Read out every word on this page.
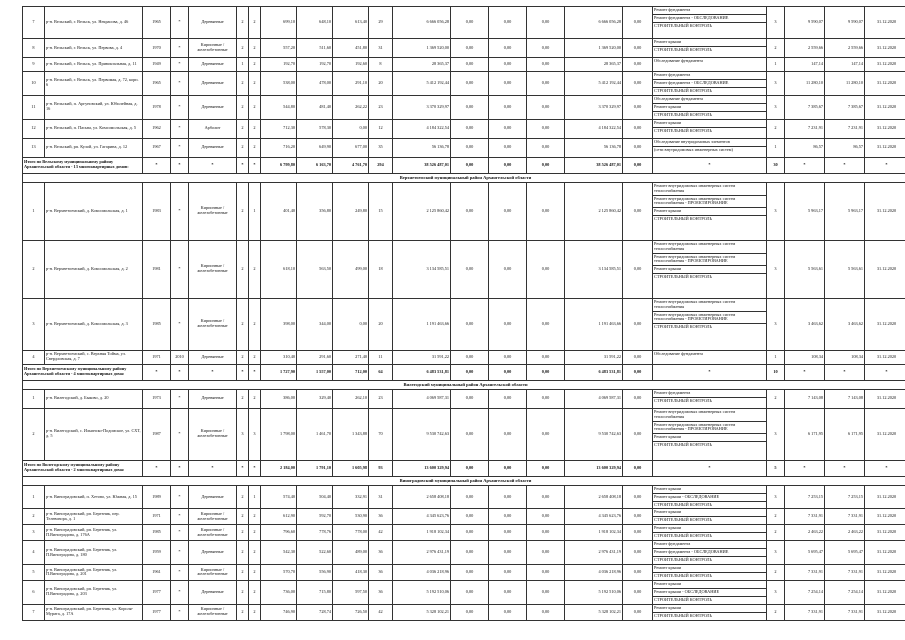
7	р-н. Вельский, г. Вельск, ул. Некрасова, д. 46	1965	*	Деревянные	2	2	699,10	648,10	613,40	29	6 666 056,28	0,00	0,00	0,00	6 666 056,28	0,00	Ремонт фундамента
Ремонт фундамента - ОБСЛЕДОВАНИЕ
СТРОИТЕЛЬНЫЙ КОНТРОЛЬ	3	9 590,07	9 590,07	31.12.2020
8	р-н. Вельский, г. Вельск, ул. Первова, д. 4	1970	*	Кирпичные / железобетонные	2	2	557,20	511,60	451,80	31	1 369 520,00	0,00	0,00	0,00	1 369 520,00	0,00	Ремонт крыши
СТРОИТЕЛЬНЫЙ КОНТРОЛЬ	2	2 559,66	2 559,66	31.12.2020
9	р-н. Вельский, г. Вельск, ул. Привокзальная, д. 11	1949	*	Деревянные	1	2	192,70	192,70	192,60	8	28 365,37	0,00	0,00	0,00	28 365,37	0,00	Обследование фундамента	1	147,14	147,14	31.12.2020
10	р-н. Вельский, г. Вельск, ул. Первомая, д. 72, корп. 6	1965	*	Деревянные	2	2	538,00	478,00	291,10	20	5 412 192,44	0,00	0,00	0,00	5 412 192,44	0,00	Ремонт фундамента
Ремонт фундамента - ОБСЛЕДОВАНИЕ
СТРОИТЕЛЬНЫЙ КОНТРОЛЬ	3	11 280,10	11 280,10	31.12.2020
11	р-н. Вельский, п. Аргуновский, ул. Юбилейная, д. 16	1978	*	Деревянные	2	2	544,80	481,40	262,22	23	3 370 329,97	0,00	0,00	0,00	3 370 329,97	0,00	Обследование фундамента
Ремонт крыши
СТРОИТЕЛЬНЫЙ КОНТРОЛЬ	3	7 385,67	7 385,67	31.12.2020
12	р-н. Вельский, п. Пасьва, ул. Комсомольская, д. 5	1962	*	Арболит	2	2	712,30	578,30	0,00	12	4 184 322,54	0,00	0,00	0,00	4 184 322,54	0,00	Ремонт крыши
СТРОИТЕЛЬНЫЙ КОНТРОЛЬ	2	7 231,91	7 231,91	31.12.2020
13	р-н. Вельский, рп. Кулой, ул. Гагарина, д. 12	1967	*	Деревянные	2	2	716,20	649,90	677,00	35	56 136,78	0,00	0,00	0,00	56 136,78	0,00	Обследование внутридомовых элементов
(сети внутридомовых инженерных систем)	1	86,57	86,57	31.12.2020
Итого по Вельскому муниципальному району Архангельской области - 13 многоквартирных домов:		*	*	*	*	*	6 799,80	6 163,70	4 761,70	294	38 526 487,01	0,00	0,00	0,00	38 526 487,01	0,00	*	30	*	*	*
Верхнетоемский муниципальный район Архангельской области																					
1	р-н. Верхнетоемский, д. Комсомольская, д. 1	1983	*	Кирпичные / железобетонные	2	1	401,40	356,80	249,80	15	2 125 860,42	0,00	0,00	0,00	2 125 860,42	0,00	Ремонт внутридомовых инженерных систем теплоснабжения
Ремонт внутридомовых инженерных систем теплоснабжения - ПРОЕКТИРОВАНИЕ
Ремонт крыши
СТРОИТЕЛЬНЫЙ КОНТРОЛЬ	3	5 963,17	5 963,17	31.12.2020
2	р-н. Верхнетоемский, д. Комсомольская, д. 2	1981	*	Кирпичные / железобетонные	2	2	618,10	563,50	499,00	18	3 134 585,51	0,00	0,00	0,00	3 134 585,51	0,00	Ремонт внутридомовых инженерных систем теплоснабжения
Ремонт внутридомовых инженерных систем теплоснабжения - ПРОЕКТИРОВАНИЕ
Ремонт крыши
СТРОИТЕЛЬНЫЙ КОНТРОЛЬ	3	5 563,61	5 563,61	31.12.2020
3	р-н. Верхнетоемский, д. Комсомольская, д. 3	1985	*	Кирпичные / железобетонные	2	2	398,00	344,00	0,00	20	1 191 463,66	0,00	0,00	0,00	1 191 463,66	0,00	Ремонт внутридомовых инженерных систем теплоснабжения
Ремонт внутридомовых инженерных систем теплоснабжения - ПРОЕКТИРОВАНИЕ
СТРОИТЕЛЬНЫЙ КОНТРОЛЬ	3	3 463,62	3 463,62	31.12.2020
4	р-н. Верхнетоемский, с. Верхняя Тойма, ул. Свердловская, д. 7	1971	2010	Деревянные	2	2	310,40	291,60	271,40	11	31 591,22	0,00	0,00	0,00	31 591,22	0,00	Обследование фундамента	1	108,34	108,34	31.12.2020
Итого по Верхнетоемскому муниципальному району Архангельской области - 4 многоквартирных дома:		*	*	*	*	*	1 727,90	1 557,00	712,00	64	6 483 531,81	0,00	0,00	0,00	6 483 531,81	0,00	*	10	*	*	*
Вилегодский муниципальный район Архангельской области																					
1	р-н. Вилегодский, д. Быково, д. 20	1973	*	Деревянные	2	2	386,00	329,40	262,10	23	4 069 587,31	0,00	0,00	0,00	4 069 587,31	0,00	Ремонт фундамента
СТРОИТЕЛЬНЫЙ КОНТРОЛЬ	2	7 143,08	7 143,08	31.12.2020
2	р-н. Вилегодский, с. Ильинско-Подомское, ул. СХТ, д. 5	1987	*	Кирпичные / железобетонные	3	3	1 798,00	1 461,70	1 343,88	70	9 530 742,63	0,00	0,00	0,00	9 530 742,63	0,00	Ремонт внутридомовых инженерных систем теплоснабжения
Ремонт внутридомовых инженерных систем теплоснабжения - ПРОЕКТИРОВАНИЕ
Ремонт крыши
СТРОИТЕЛЬНЫЙ КОНТРОЛЬ	3	6 171,95	6 171,95	31.12.2020
Итого по Вилегодскому муниципальному району Архангельской области - 2 многоквартирных дома:		*	*	*	*	*	2 184,00	1 791,10	1 605,98	93	13 600 329,94	0,00	0,00	0,00	13 600 329,94	0,00	*	5	*	*	*
Виноградовский муниципальный район Архангельской области																					
1	р-н. Виноградовский, п. Хетово, ул. Южная, д. 15	1989	*	Деревянные	2	1	574,40	504,40	332,91	31	2 658 408,18	0,00	0,00	0,00	2 658 408,18	0,00	Ремонт крыши
Ремонт крыши - ОБСЛЕДОВАНИЕ
СТРОИТЕЛЬНЫЙ КОНТРОЛЬ	3	7 253,15	7 253,15	31.12.2020
2	р-н. Виноградовский, рп. Березник, пер. Телевизора, д. 1	1971	*	Кирпичные / железобетонные	2	2	612,90	592,70	530,90	36	4 345 623,76	0,00	0,00	0,00	4 345 623,76	0,00	Ремонт крыши
СТРОИТЕЛЬНЫЙ КОНТРОЛЬ	2	7 331,91	7 331,91	31.12.2020
3	р-н. Виноградовский, рп. Березник, ул. П.Виноградова, д. 176А	1985	*	Кирпичные / железобетонные	2	2	796,60	778,76	778,00	42	1 918 102,34	0,00	0,00	0,00	1 918 102,34	0,00	Ремонт крыши
СТРОИТЕЛЬНЫЙ КОНТРОЛЬ	2	2 463,22	2 463,22	31.12.2020
4	р-н. Виноградовский, рп. Березник, ул. П.Виноградова, д. 180	1959	*	Деревянные	2	2	542,30	522,60	489,00	36	2 976 431,19	0,00	0,00	0,00	2 976 431,19	0,00	Ремонт фундамента
Ремонт фундамента - ОБСЛЕДОВАНИЕ
СТРОИТЕЛЬНЫЙ КОНТРОЛЬ	3	5 695,47	5 695,47	31.12.2020
5	р-н. Виноградовский, рп. Березник, ул. П.Виноградова, д. 201	1961	*	Кирпичные / железобетонные	2	2	570,70	556,90	418,30	36	4 036 218,96	0,00	0,00	0,00	4 036 218,96	0,00	Ремонт крыши
СТРОИТЕЛЬНЫЙ КОНТРОЛЬ	2	7 331,91	7 331,91	31.12.2020
6	р-н. Виноградовский, рп. Березник, ул. П.Виноградова, д. 203	1977	*	Деревянные	2	2	736,00	715,80	597,50	36	5 192 510,06	0,00	0,00	0,00	5 192 510,06	0,00	Ремонт крыши
Ремонт крыши - ОБСЛЕДОВАНИЕ
СТРОИТЕЛЬНЫЙ КОНТРОЛЬ	3	7 254,14	7 254,14	31.12.2020
7	р-н. Виноградовский, рп. Березник, ул. Короля-Мурата, д. 17А	1977	*	Кирпичные / железобетонные	2	2	746,90	728,74	726,50	42	5 328 102,21	0,00	0,00	0,00	5 328 102,21	0,00	Ремонт крыши
СТРОИТЕЛЬНЫЙ КОНТРОЛЬ	2	7 331,91	7 331,91	31.12.2020
